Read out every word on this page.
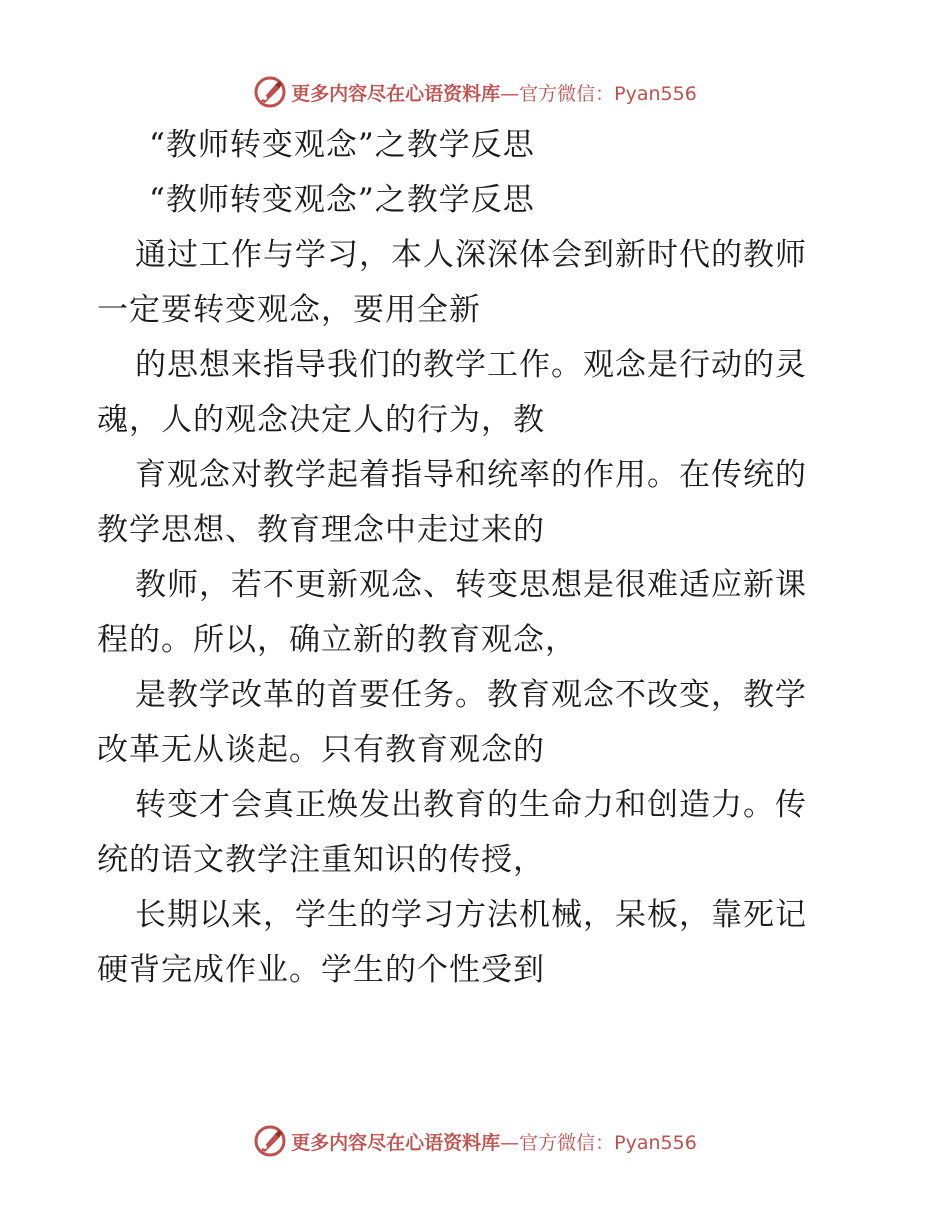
更多内容尽在心语资料库 —官方微信：Pyan556
“教师转变观念”之教学反思
“教师转变观念”之教学反思
通过工作与学习，本人深深体会到新时代的教师
一定要转变观念，要用全新
的思想来指导我们的教学工作。观念是行动的灵
魂，人的观念决定人的行为，教
育观念对教学起着指导和统率的作用。在传统的
教学思想、教育理念中走过来的
教师，若不更新观念、转变思想是很难适应新课
程的。所以，确立新的教育观念，
是教学改革的首要任务。教育观念不改变，教学
改革无从谈起。只有教育观念的
转变才会真正焕发出教育的生命力和创造力。传
统的语文教学注重知识的传授，
长期以来，学生的学习方法机械，呆板，靠死记
硬背完成作业。学生的个性受到
更多内容尽在心语资料库 —官方微信：Pyan556
